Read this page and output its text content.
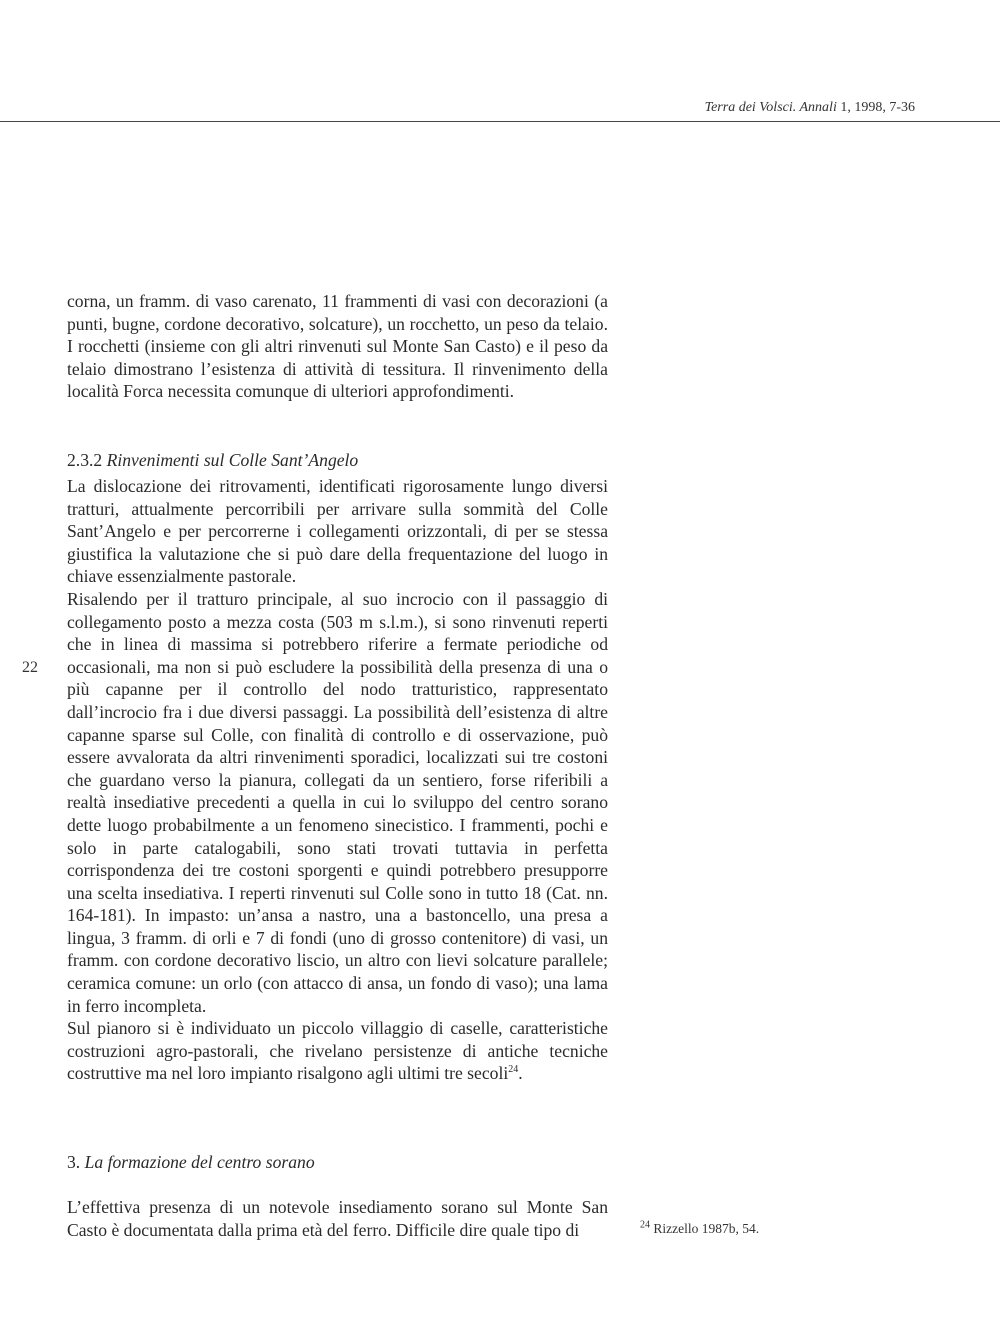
Terra dei Volsci. Annali 1, 1998, 7-36

corna, un framm. di vaso carenato, 11 frammenti di vasi con decorazioni (a punti, bugne, cordone decorativo, solcature), un rocchetto, un peso da telaio. I rocchetti (insieme con gli altri rinvenuti sul Monte San Casto) e il peso da telaio dimostrano l’esistenza di attività di tessitura. Il rinvenimento della località Forca necessita comunque di ulteriori approfondimenti.

2.3.2 Rinvenimenti sul Colle Sant’Angelo

La dislocazione dei ritrovamenti, identificati rigorosamente lungo diversi tratturi, attualmente percorribili per arrivare sulla sommità del Colle Sant’Angelo e per percorrerne i collegamenti orizzontali, di per se stessa giustifica la valutazione che si può dare della frequentazione del luogo in chiave essenzialmente pastorale.

Risalendo per il tratturo principale, al suo incrocio con il passaggio di collegamento posto a mezza costa (503 m s.l.m.), si sono rinvenuti reperti che in linea di massima si potrebbero riferire a fermate periodiche od occasionali, ma non si può escludere la possibilità della presenza di una o più capanne per il controllo del nodo tratturistico, rappresentato dall’incrocio fra i due diversi passaggi. La possibilità dell’esistenza di altre capanne sparse sul Colle, con finalità di controllo e di osservazione, può essere avvalorata da altri rinvenimenti sporadici, localizzati sui tre costoni che guardano verso la pianura, collegati da un sentiero, forse riferibili a realtà insediative precedenti a quella in cui lo sviluppo del centro sorano dette luogo probabilmente a un fenomeno sinecistico. I frammenti, pochi e solo in parte catalogabili, sono stati trovati tuttavia in perfetta corrispondenza dei tre costoni sporgenti e quindi potrebbero presupporre una scelta insediativa. I reperti rinvenuti sul Colle sono in tutto 18 (Cat. nn. 164-181). In impasto: un’ansa a nastro, una a bastoncello, una presa a lingua, 3 framm. di orli e 7 di fondi (uno di grosso contenitore) di vasi, un framm. con cordone decorativo liscio, un altro con lievi solcature parallele; ceramica comune: un orlo (con attacco di ansa, un fondo di vaso); una lama in ferro incompleta.

Sul pianoro si è individuato un piccolo villaggio di caselle, caratteristiche costruzioni agro-pastorali, che rivelano persistenze di antiche tecniche costruttive ma nel loro impianto risalgono agli ultimi tre secoli$^{24}$.

22
3. La formazione del centro sorano

L’effettiva presenza di un notevole insediamento sorano sul Monte San Casto è documentata dalla prima età del ferro. Difficile dire quale tipo di	$^{24}$ Rizzello 1987b, 54.
